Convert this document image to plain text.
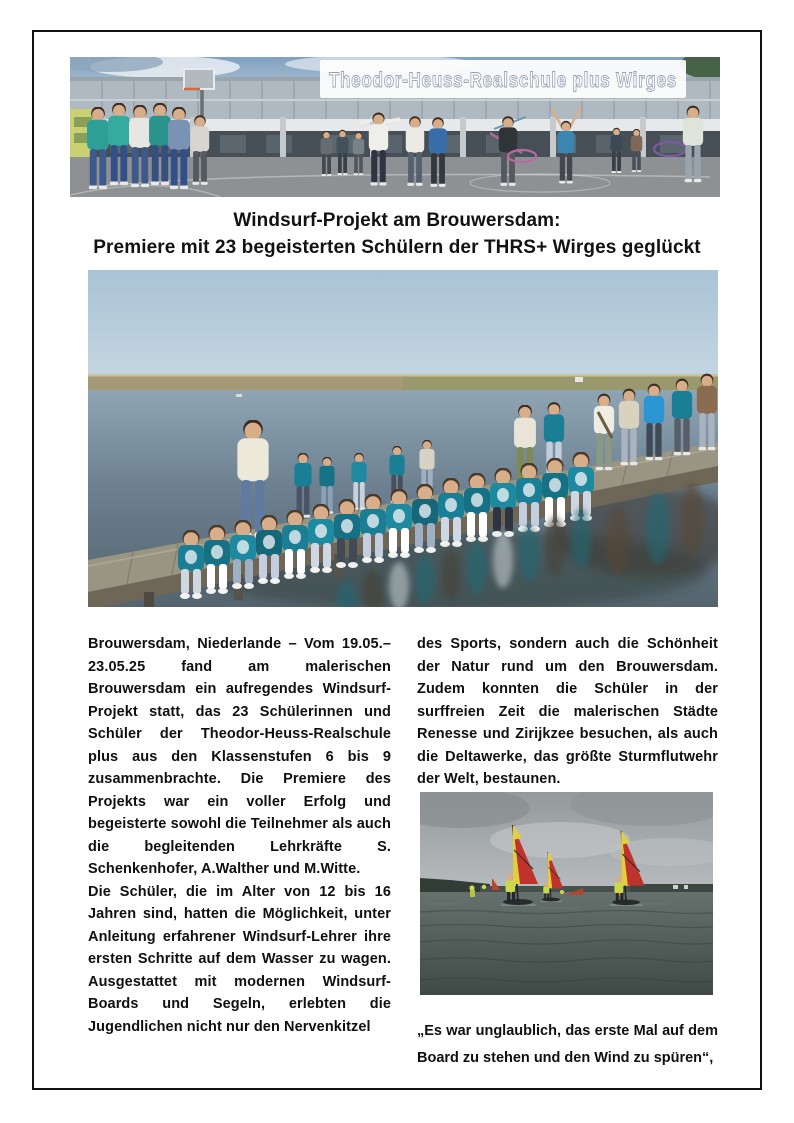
Theodor-Heuss-Realschule plus Wirges
Windsurf-Projekt am Brouwersdam:
Premiere mit 23 begeisterten Schülern der THRS+ Wirges geglückt

Brouwersdam, Niederlande – Vom 19.05.–23.05.25 fand am malerischen Brouwersdam ein aufregendes Windsurf-Projekt statt, das 23 Schülerinnen und Schüler der Theodor-Heuss-Realschule plus aus den Klassenstufen 6 bis 9 zusammenbrachte. Die Premiere des Projekts war ein voller Erfolg und begeisterte sowohl die Teilnehmer als auch die begleitenden Lehrkräfte S. Schenkenhofer, A.Walther und M.Witte.

Die Schüler, die im Alter von 12 bis 16 Jahren sind, hatten die Möglichkeit, unter Anleitung erfahrener Windsurf-Lehrer ihre ersten Schritte auf dem Wasser zu wagen. Ausgestattet mit modernen Windsurf-Boards und Segeln, erlebten die Jugendlichen nicht nur den Nervenkitzel

des Sports, sondern auch die Schönheit der Natur rund um den Brouwersdam. Zudem konnten die Schüler in der surffreien Zeit die malerischen Städte Renesse und Zirijkzee besuchen, als auch die Deltawerke, das größte Sturmflutwehr der Welt, bestaunen.

„Es war unglaublich, das erste Mal auf dem Board zu stehen und den Wind zu spüren“,
